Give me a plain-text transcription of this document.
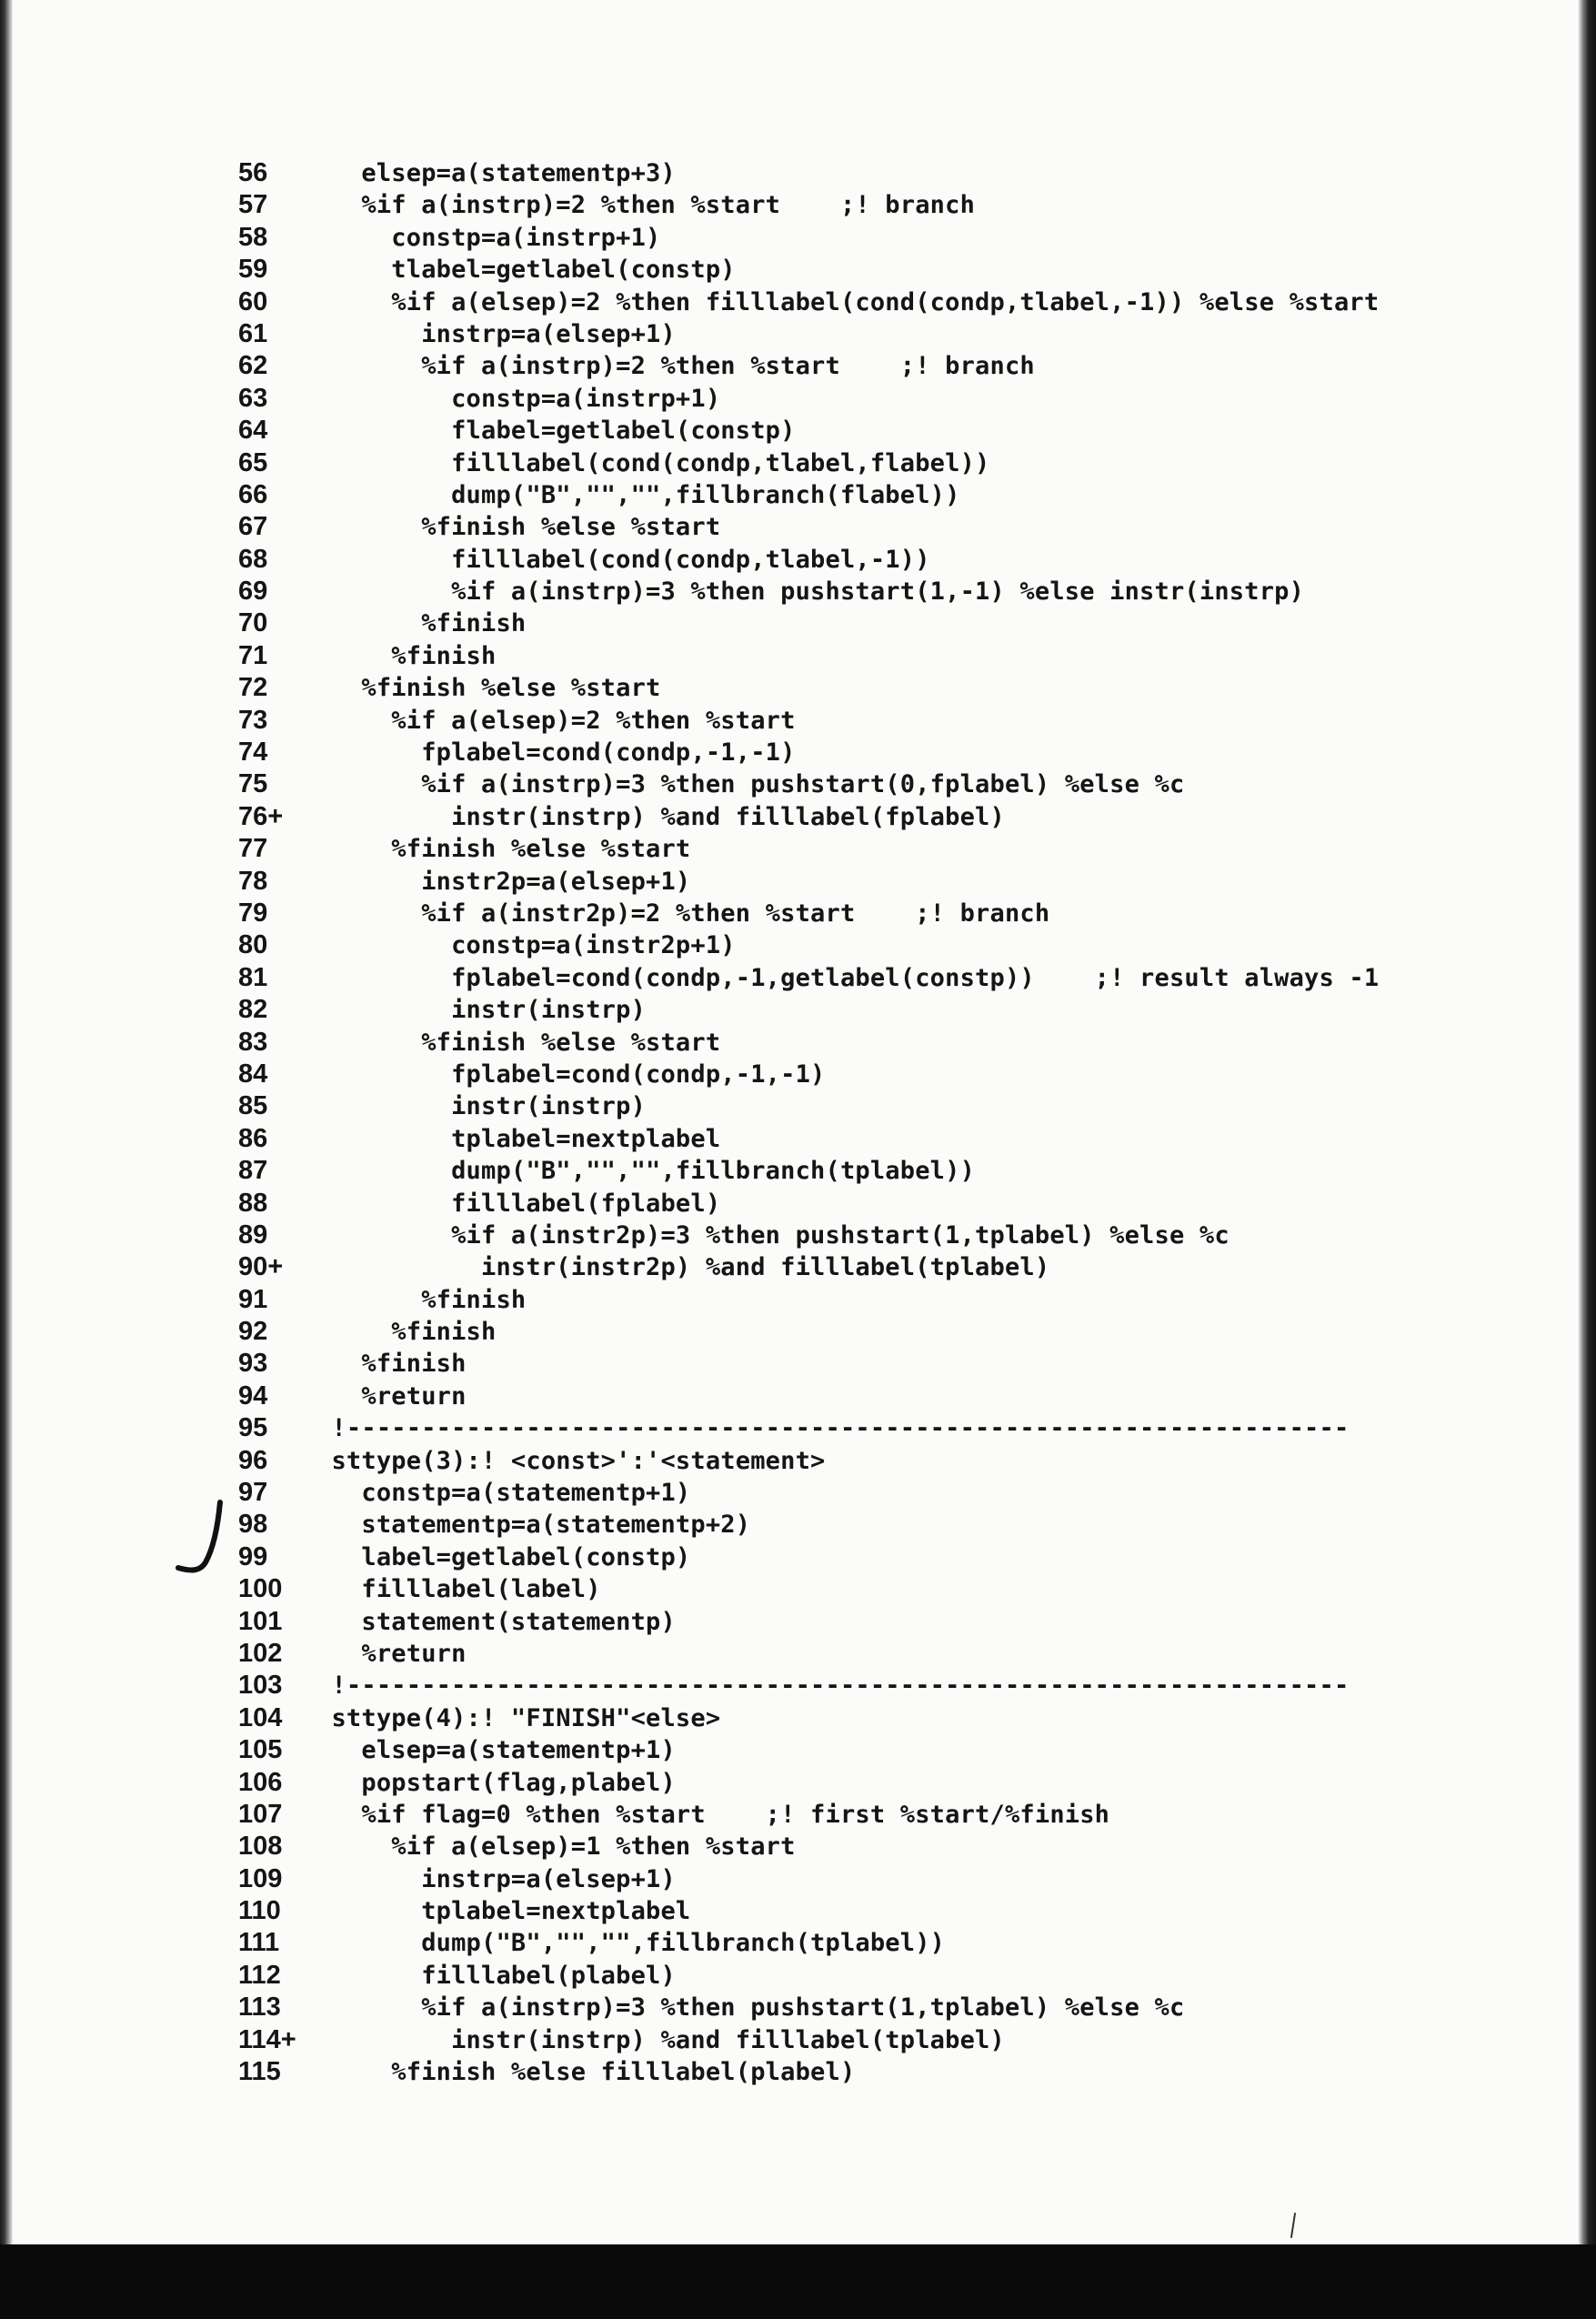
56	elsep=a(statementp+3)
57	%if a(instrp)=2 %then %start    ;! branch
58	constp=a(instrp+1)
59	tlabel=getlabel(constp)
60	%if a(elsep)=2 %then filllabel(cond(condp,tlabel,-1)) %else %start
61	instrp=a(elsep+1)
62	%if a(instrp)=2 %then %start    ;! branch
63	constp=a(instrp+1)
64	flabel=getlabel(constp)
65	filllabel(cond(condp,tlabel,flabel))
66	dump("B","","",fillbranch(flabel))
67	%finish %else %start
68	filllabel(cond(condp,tlabel,-1))
69	%if a(instrp)=3 %then pushstart(1,-1) %else instr(instrp)
70	%finish
71	%finish
72	%finish %else %start
73	%if a(elsep)=2 %then %start
74	fplabel=cond(condp,-1,-1)
75	%if a(instrp)=3 %then pushstart(0,fplabel) %else %c
76+	instr(instrp) %and filllabel(fplabel)
77	%finish %else %start
78	instr2p=a(elsep+1)
79	%if a(instr2p)=2 %then %start    ;! branch
80	constp=a(instr2p+1)
81	fplabel=cond(condp,-1,getlabel(constp))    ;! result always -1
82	instr(instrp)
83	%finish %else %start
84	fplabel=cond(condp,-1,-1)
85	instr(instrp)
86	tplabel=nextplabel
87	dump("B","","",fillbranch(tplabel))
88	filllabel(fplabel)
89	%if a(instr2p)=3 %then pushstart(1,tplabel) %else %c
90+	instr(instr2p) %and filllabel(tplabel)
91	%finish
92	%finish
93	%finish
94	%return
95	!-------------------------------------------------------------------
96	sttype(3):! <const>':'<statement>
97	constp=a(statementp+1)
98	statementp=a(statementp+2)
99	label=getlabel(constp)
100	filllabel(label)
101	statement(statementp)
102	%return
103	!-------------------------------------------------------------------
104	sttype(4):! "FINISH"<else>
105	elsep=a(statementp+1)
106	popstart(flag,plabel)
107	%if flag=0 %then %start    ;! first %start/%finish
108	%if a(elsep)=1 %then %start
109	instrp=a(elsep+1)
110	tplabel=nextplabel
111	dump("B","","",fillbranch(tplabel))
112	filllabel(plabel)
113	%if a(instrp)=3 %then pushstart(1,tplabel) %else %c
114+ instr(instrp) %and filllabel(tplabel)
115	%finish %else filllabel(plabel)
